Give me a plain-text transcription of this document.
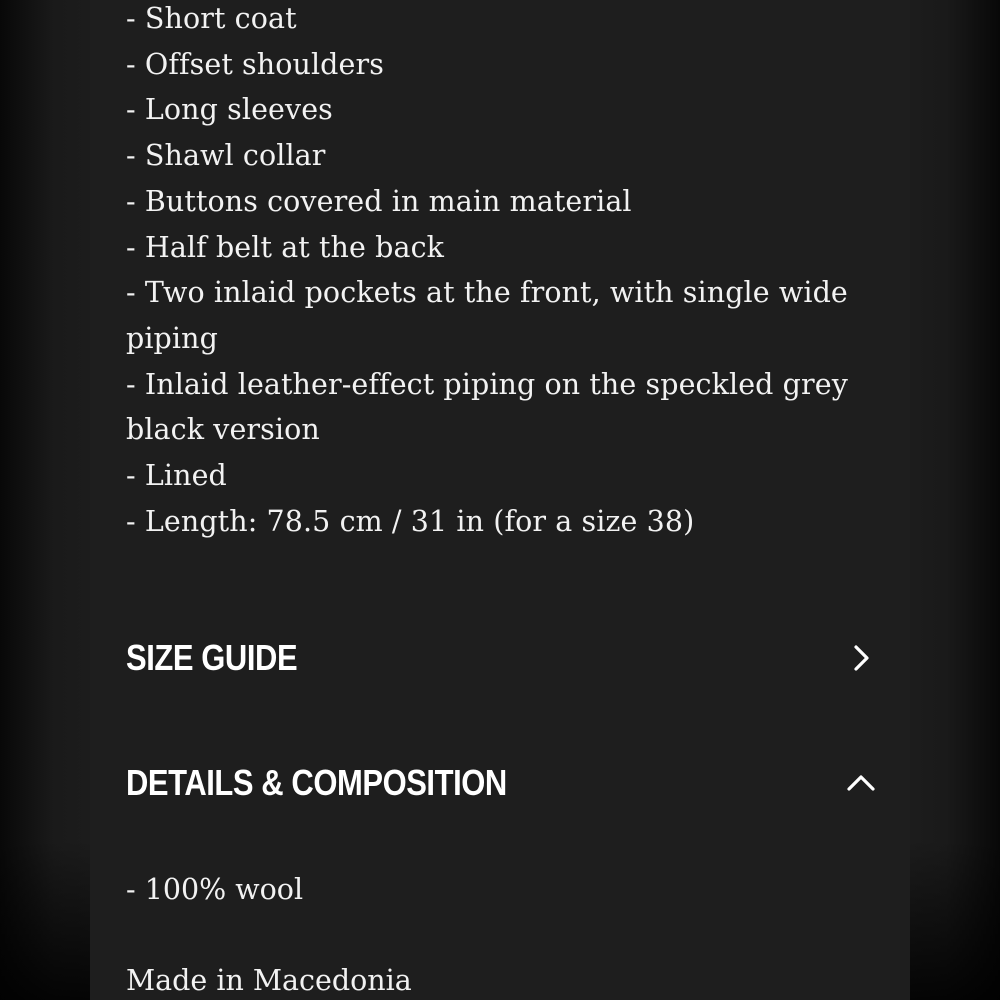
- Short coat
- Offset shoulders
- Long sleeves
- Shawl collar
- Buttons covered in main material
- Half belt at the back
- Two inlaid pockets at the front, with single wide
piping
- Inlaid leather-effect piping on the speckled grey
black version
- Lined
- Length: 78.5 cm / 31 in (for a size 38)
SIZE GUIDE
DETAILS & COMPOSITION

- 100% wool

Made in Macedonia
